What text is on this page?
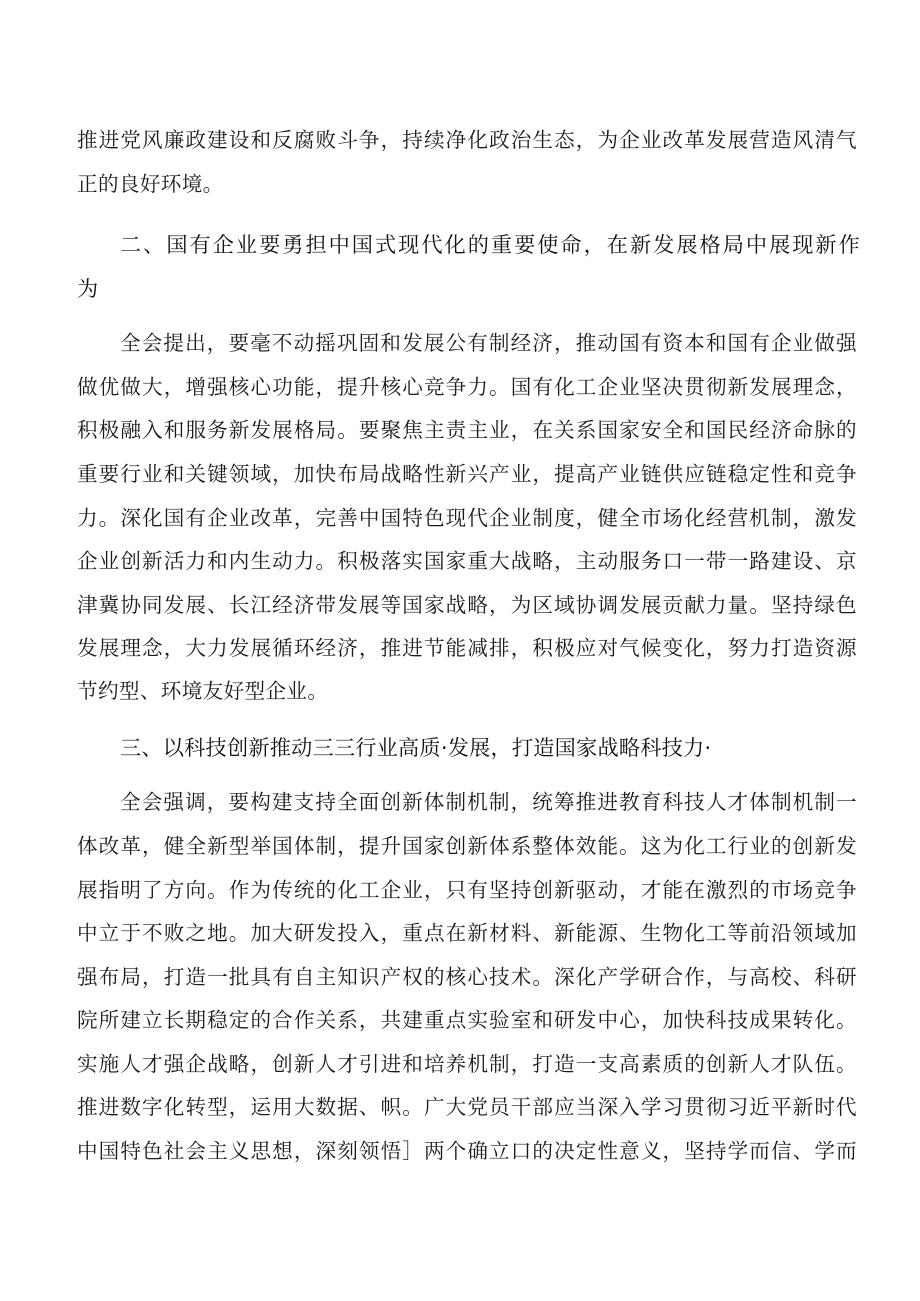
推进党风廉政建设和反腐败斗争，持续净化政治生态，为企业改革发展营造风清气
正的良好环境。
二、国有企业要勇担中国式现代化的重要使命，在新发展格局中展现新作
为
全会提出，要毫不动摇巩固和发展公有制经济，推动国有资本和国有企业做强
做优做大，增强核心功能，提升核心竞争力。国有化工企业坚决贯彻新发展理念，
积极融入和服务新发展格局。要聚焦主责主业，在关系国家安全和国民经济命脉的
重要行业和关键领域，加快布局战略性新兴产业，提高产业链供应链稳定性和竞争
力。深化国有企业改革，完善中国特色现代企业制度，健全市场化经营机制，激发
企业创新活力和内生动力。积极落实国家重大战略，主动服务口一带一路建设、京
津冀协同发展、长江经济带发展等国家战略，为区域协调发展贡献力量。坚持绿色
发展理念，大力发展循环经济，推进节能减排，积极应对气候变化，努力打造资源
节约型、环境友好型企业。
三、以科技创新推动三三行业高质·发展，打造国家战略科技力·
全会强调，要构建支持全面创新体制机制，统筹推进教育科技人才体制机制一
体改革，健全新型举国体制，提升国家创新体系整体效能。这为化工行业的创新发
展指明了方向。作为传统的化工企业，只有坚持创新驱动，才能在激烈的市场竞争
中立于不败之地。加大研发投入，重点在新材料、新能源、生物化工等前沿领域加
强布局，打造一批具有自主知识产权的核心技术。深化产学研合作，与高校、科研
院所建立长期稳定的合作关系，共建重点实验室和研发中心，加快科技成果转化。
实施人才强企战略，创新人才引进和培养机制，打造一支高素质的创新人才队伍。
推进数字化转型，运用大数据、帜。广大党员干部应当深入学习贯彻习近平新时代
中国特色社会主义思想，深刻领悟］两个确立口的决定性意义，坚持学而信、学而
